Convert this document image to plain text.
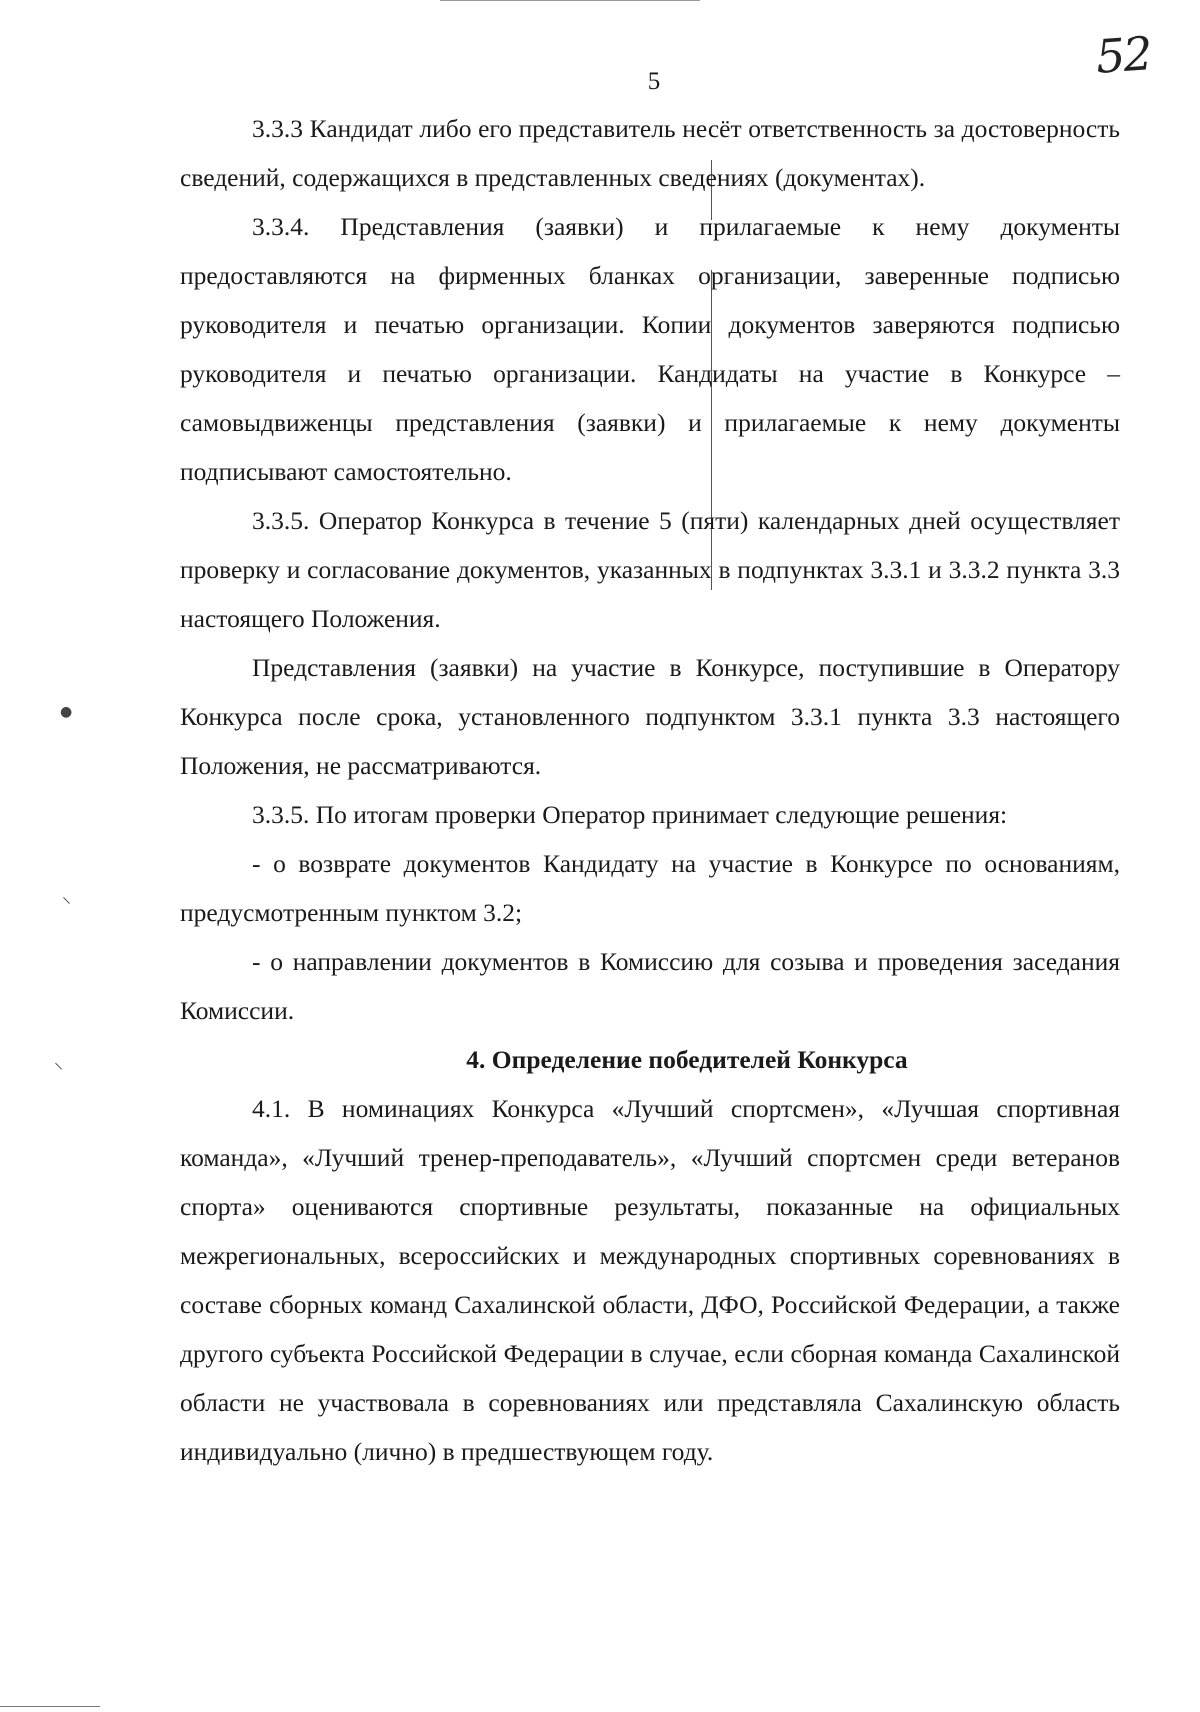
52
5
●
⸌
⸜

3.3.3 Кандидат либо его представитель несёт ответственность за достоверность сведений, содержащихся в представленных сведениях (документах).

3.3.4. Представления (заявки) и прилагаемые к нему документы предоставляются на фирменных бланках организации, заверенные подписью руководителя и печатью организации. Копии документов заверяются подписью руководителя и печатью организации. Кандидаты на участие в Конкурсе – самовыдвиженцы представления (заявки) и прилагаемые к нему документы подписывают самостоятельно.

3.3.5. Оператор Конкурса в течение 5 (пяти) календарных дней осуществляет проверку и согласование документов, указанных в подпунктах 3.3.1 и 3.3.2 пункта 3.3 настоящего Положения.

Представления (заявки) на участие в Конкурсе, поступившие в Оператору Конкурса после срока, установленного подпунктом 3.3.1 пункта 3.3 настоящего Положения, не рассматриваются.

3.3.5. По итогам проверки Оператор принимает следующие решения:

- о возврате документов Кандидату на участие в Конкурсе по основаниям, предусмотренным пунктом 3.2;

- о направлении документов в Комиссию для созыва и проведения заседания Комиссии.

4. Определение победителей Конкурса

4.1. В номинациях Конкурса «Лучший спортсмен», «Лучшая спортивная команда», «Лучший тренер-преподаватель», «Лучший спортсмен среди ветеранов спорта» оцениваются спортивные результаты, показанные на официальных межрегиональных, всероссийских и международных спортивных соревнованиях в составе сборных команд Сахалинской области, ДФО, Российской Федерации, а также другого субъекта Российской Федерации в случае, если сборная команда Сахалинской области не участвовала в соревнованиях или представляла Сахалинскую область индивидуально (лично) в предшествующем году.
